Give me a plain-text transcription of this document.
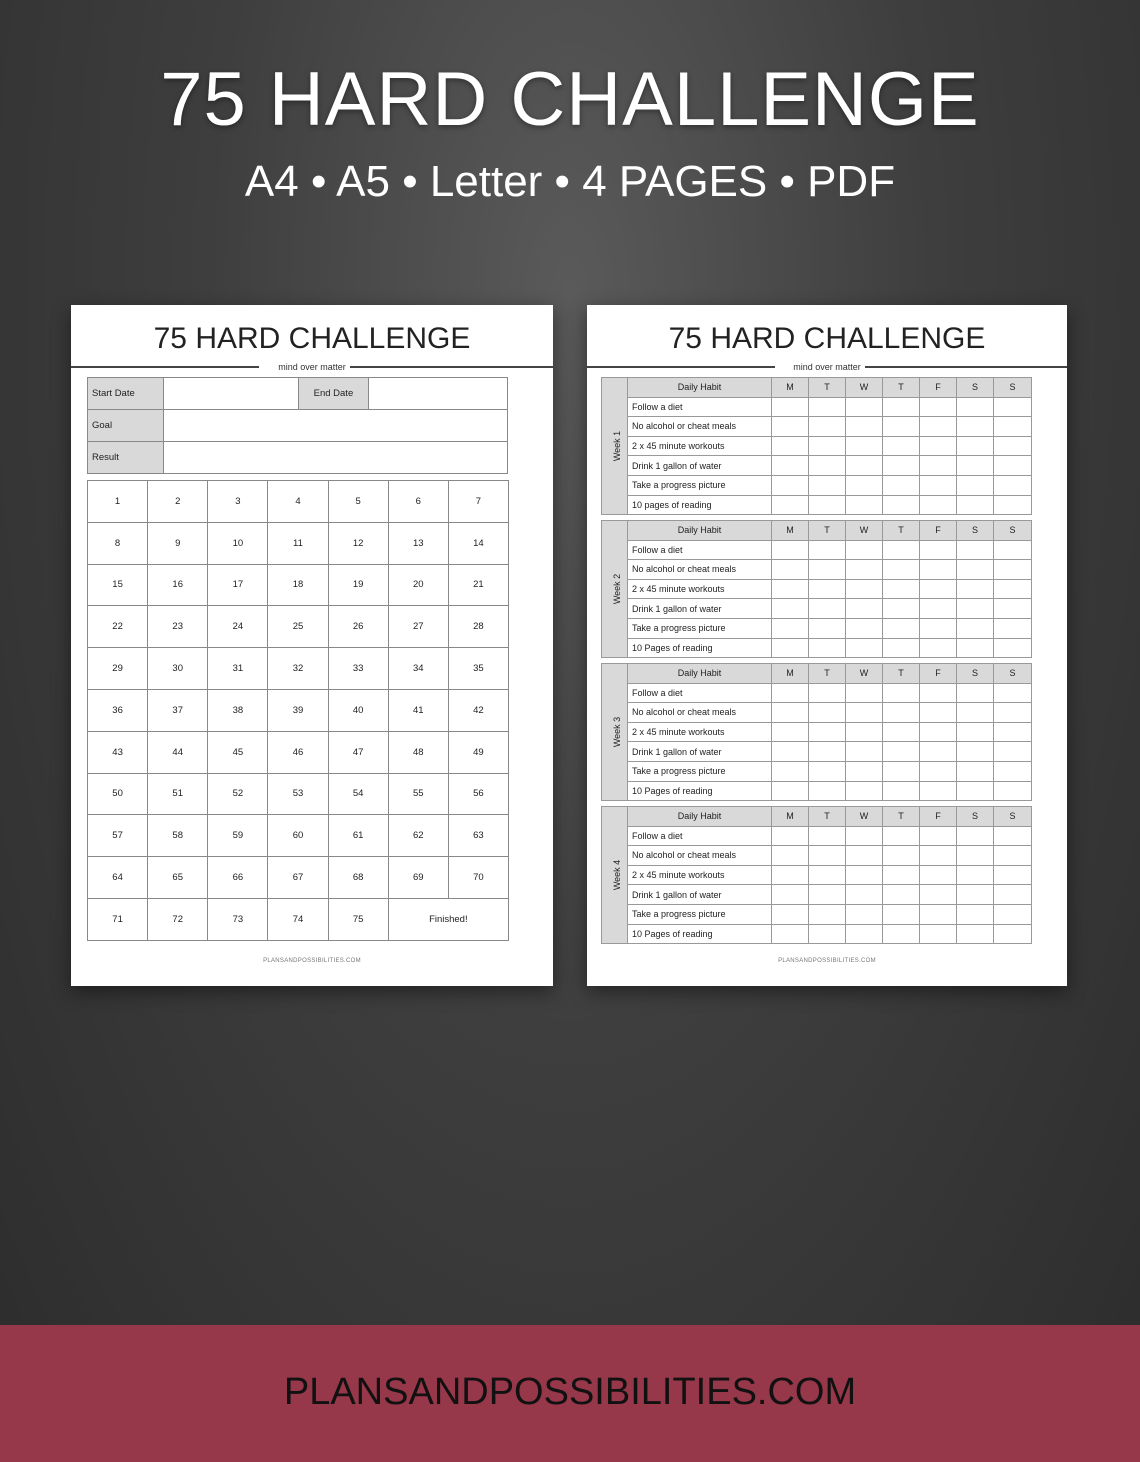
75 HARD CHALLENGE
A4 • A5 • Letter • 4 PAGES • PDF
75 HARD CHALLENGE
mind over matter
Start Date		End Date	
Goal			
Result			
1	2	3	4	5	6	7
8	9	10	11	12	13	14
15	16	17	18	19	20	21
22	23	24	25	26	27	28
29	30	31	32	33	34	35
36	37	38	39	40	41	42
43	44	45	46	47	48	49
50	51	52	53	54	55	56
57	58	59	60	61	62	63
64	65	66	67	68	69	70
71	72	73	74	75	Finished!	
PLANSANDPOSSIBILITIES.COM
75 HARD CHALLENGE
mind over matter
Week 1	Daily Habit	M	T	W	T	F	S	S
	Follow a diet							
	No alcohol or cheat meals							
	2 x 45 minute workouts							
	Drink 1 gallon of water							
	Take a progress picture							
	10 pages of reading							
Week 2	Daily Habit	M	T	W	T	F	S	S
	Follow a diet							
	No alcohol or cheat meals							
	2 x 45 minute workouts							
	Drink 1 gallon of water							
	Take a progress picture							
	10 Pages of reading							
Week 3	Daily Habit	M	T	W	T	F	S	S
	Follow a diet							
	No alcohol or cheat meals							
	2 x 45 minute workouts							
	Drink 1 gallon of water							
	Take a progress picture							
	10 Pages of reading							
Week 4	Daily Habit	M	T	W	T	F	S	S
	Follow a diet							
	No alcohol or cheat meals							
	2 x 45 minute workouts							
	Drink 1 gallon of water							
	Take a progress picture							
	10 Pages of reading							
PLANSANDPOSSIBILITIES.COM
PLANSANDPOSSIBILITIES.COM
